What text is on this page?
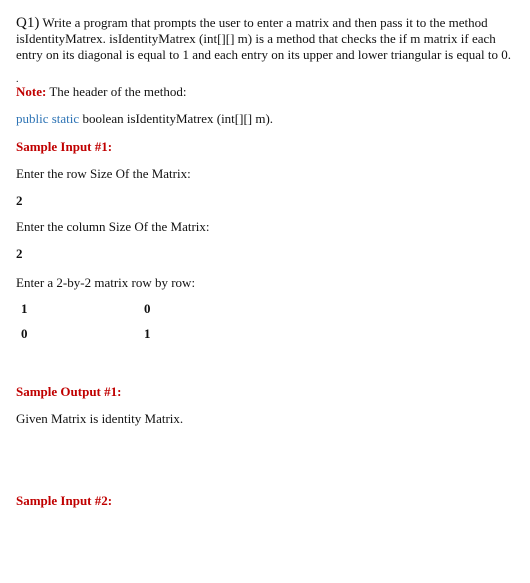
Q1) Write a program that prompts the user to enter a matrix and then pass it to the method isIdentityMatrex. isIdentityMatrex (int[][] m) is a method that checks the if m matrix if each entry on its diagonal is equal to 1 and each entry on its upper and lower triangular is equal to 0.
.
Note: The header of the method:
public static boolean isIdentityMatrex (int[][] m).
Sample Input #1:
Enter the row Size Of the Matrix:
2
Enter the column Size Of the Matrix:
2
Enter a 2-by-2 matrix row by row:
1	0
0	1
Sample Output #1:
Given Matrix is identity Matrix.
Sample Input #2:
